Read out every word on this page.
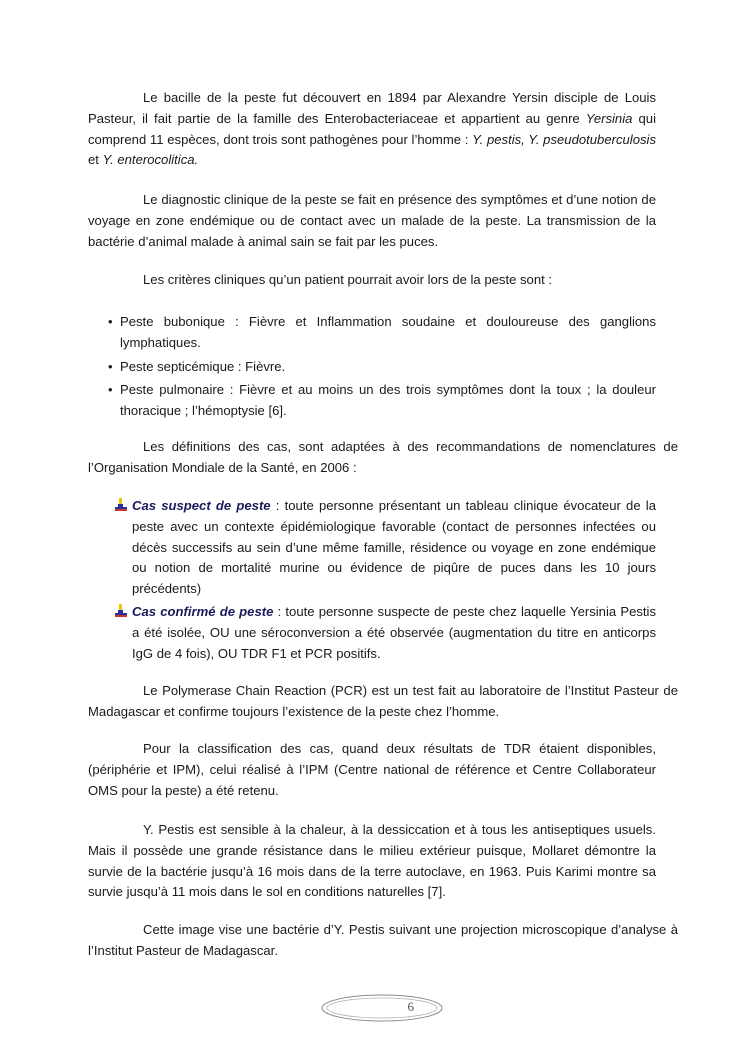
Le bacille de la peste fut découvert en 1894 par Alexandre Yersin disciple de Louis Pasteur, il fait partie de la famille des Enterobacteriaceae et appartient au genre Yersinia qui comprend 11 espèces, dont trois sont pathogènes pour l’homme : Y. pestis, Y. pseudotuberculosis et Y. enterocolitica.
Le diagnostic clinique de la peste se fait en présence des symptômes et d’une notion de voyage en zone endémique ou de contact avec un malade de la peste. La transmission de la bactérie d’animal malade à animal sain se fait par les puces.
Les critères cliniques qu’un patient pourrait avoir lors de la peste sont :
• Peste bubonique : Fièvre et Inflammation soudaine et douloureuse des ganglions lymphatiques.
• Peste septicémique : Fièvre.
• Peste pulmonaire : Fièvre et au moins un des trois symptômes dont la toux ; la douleur thoracique ; l’hémoptysie [6].
Les définitions des cas, sont adaptées à des recommandations de nomenclatures de l’Organisation Mondiale de la Santé, en 2006 :
Cas suspect de peste : toute personne présentant un tableau clinique évocateur de la peste avec un contexte épidémiologique favorable (contact de personnes infectées ou décès successifs au sein d’une même famille, résidence ou voyage en zone endémique ou notion de mortalité murine ou évidence de piqûre de puces dans les 10 jours précédents)
Cas confirmé de peste : toute personne suspecte de peste chez laquelle Yersinia Pestis a été isolée, OU une séroconversion a été observée (augmentation du titre en anticorps IgG de 4 fois), OU TDR F1 et PCR positifs.
Le Polymerase Chain Reaction (PCR) est un test fait au laboratoire de l’Institut Pasteur de Madagascar et confirme toujours l’existence de la peste chez l’homme.
Pour la classification des cas, quand deux résultats de TDR étaient disponibles, (périphérie et IPM), celui réalisé à l’IPM (Centre national de référence et Centre Collaborateur OMS pour la peste) a été retenu.
Y. Pestis est sensible à la chaleur, à la dessiccation et à tous les antiseptiques usuels. Mais il possède une grande résistance dans le milieu extérieur puisque, Mollaret démontre la survie de la bactérie jusqu’à 16 mois dans de la terre autoclave, en 1963. Puis Karimi montre sa survie jusqu’à 11 mois dans le sol en conditions naturelles [7].
Cette image vise une bactérie d’Y. Pestis suivant une projection microscopique d’analyse à l’Institut Pasteur de Madagascar.
6
